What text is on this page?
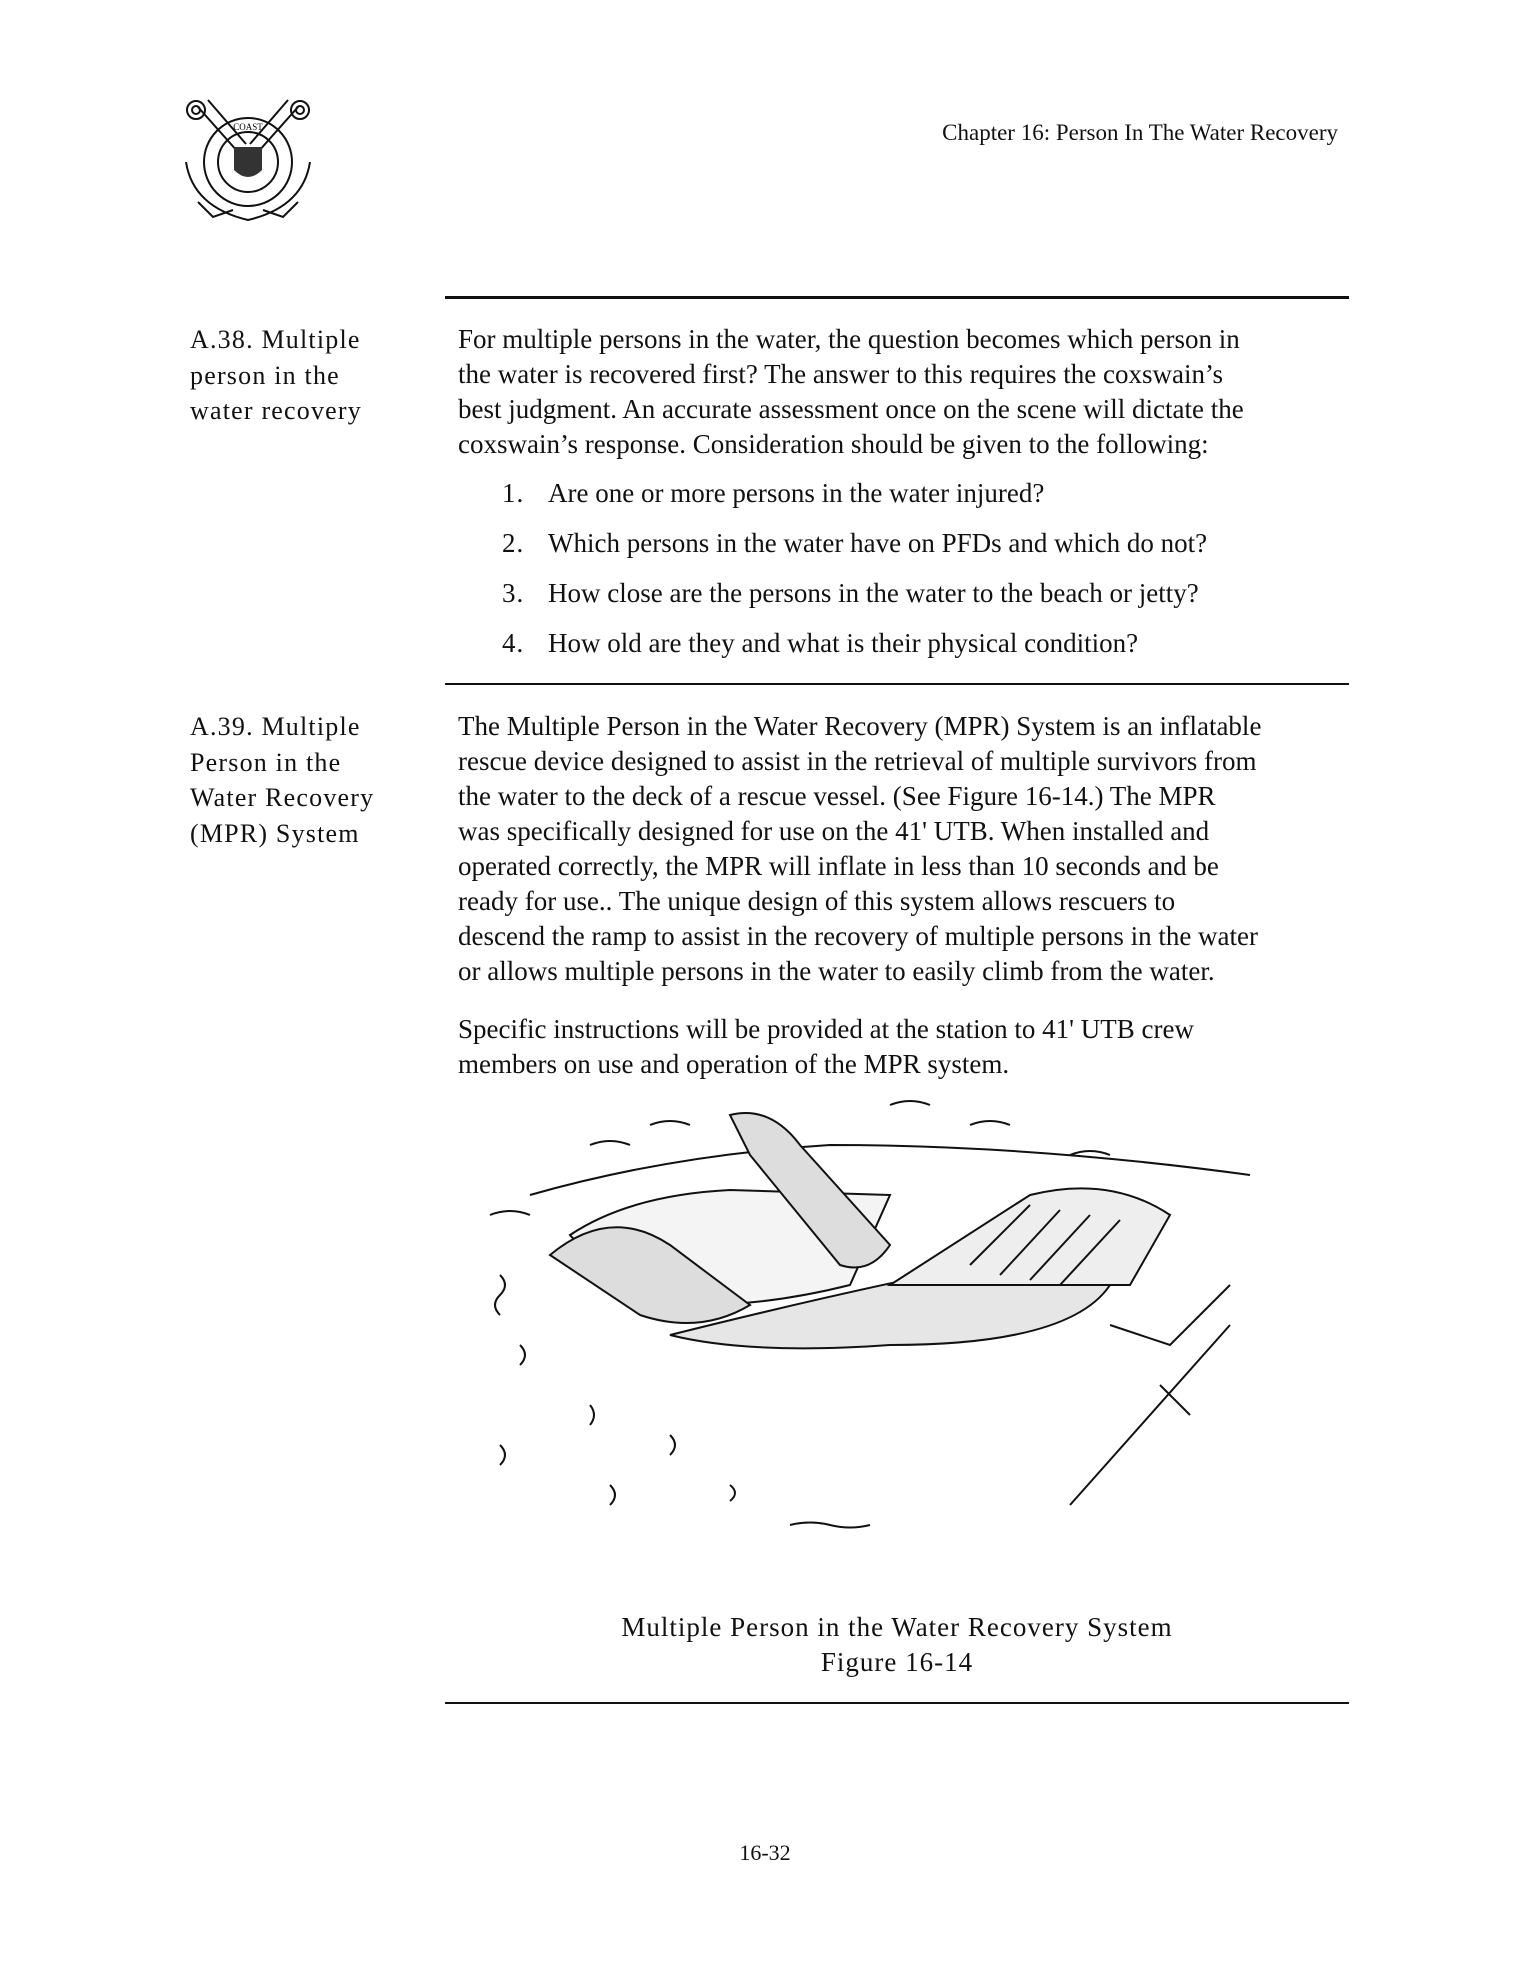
COAST	Chapter 16: Person In The Water Recovery
A.38. Multiple
person in the
water recovery
For multiple persons in the water, the question becomes which person in
the water is recovered first? The answer to this requires the coxswain’s
best judgment. An accurate assessment once on the scene will dictate the
coxswain’s response. Consideration should be given to the following:
1. Are one or more persons in the water injured?
2. Which persons in the water have on PFDs and which do not?
3. How close are the persons in the water to the beach or jetty?
4. How old are they and what is their physical condition?
A.39. Multiple
Person in the
Water Recovery
(MPR) System
The Multiple Person in the Water Recovery (MPR) System is an inflatable
rescue device designed to assist in the retrieval of multiple survivors from
the water to the deck of a rescue vessel. (See Figure 16-14.) The MPR
was specifically designed for use on the 41' UTB. When installed and
operated correctly, the MPR will inflate in less than 10 seconds and be
ready for use.. The unique design of this system allows rescuers to
descend the ramp to assist in the recovery of multiple persons in the water
or allows multiple persons in the water to easily climb from the water.
Specific instructions will be provided at the station to 41' UTB crew
members on use and operation of the MPR system.
Multiple Person in the Water Recovery System
Figure 16-14
16-32
